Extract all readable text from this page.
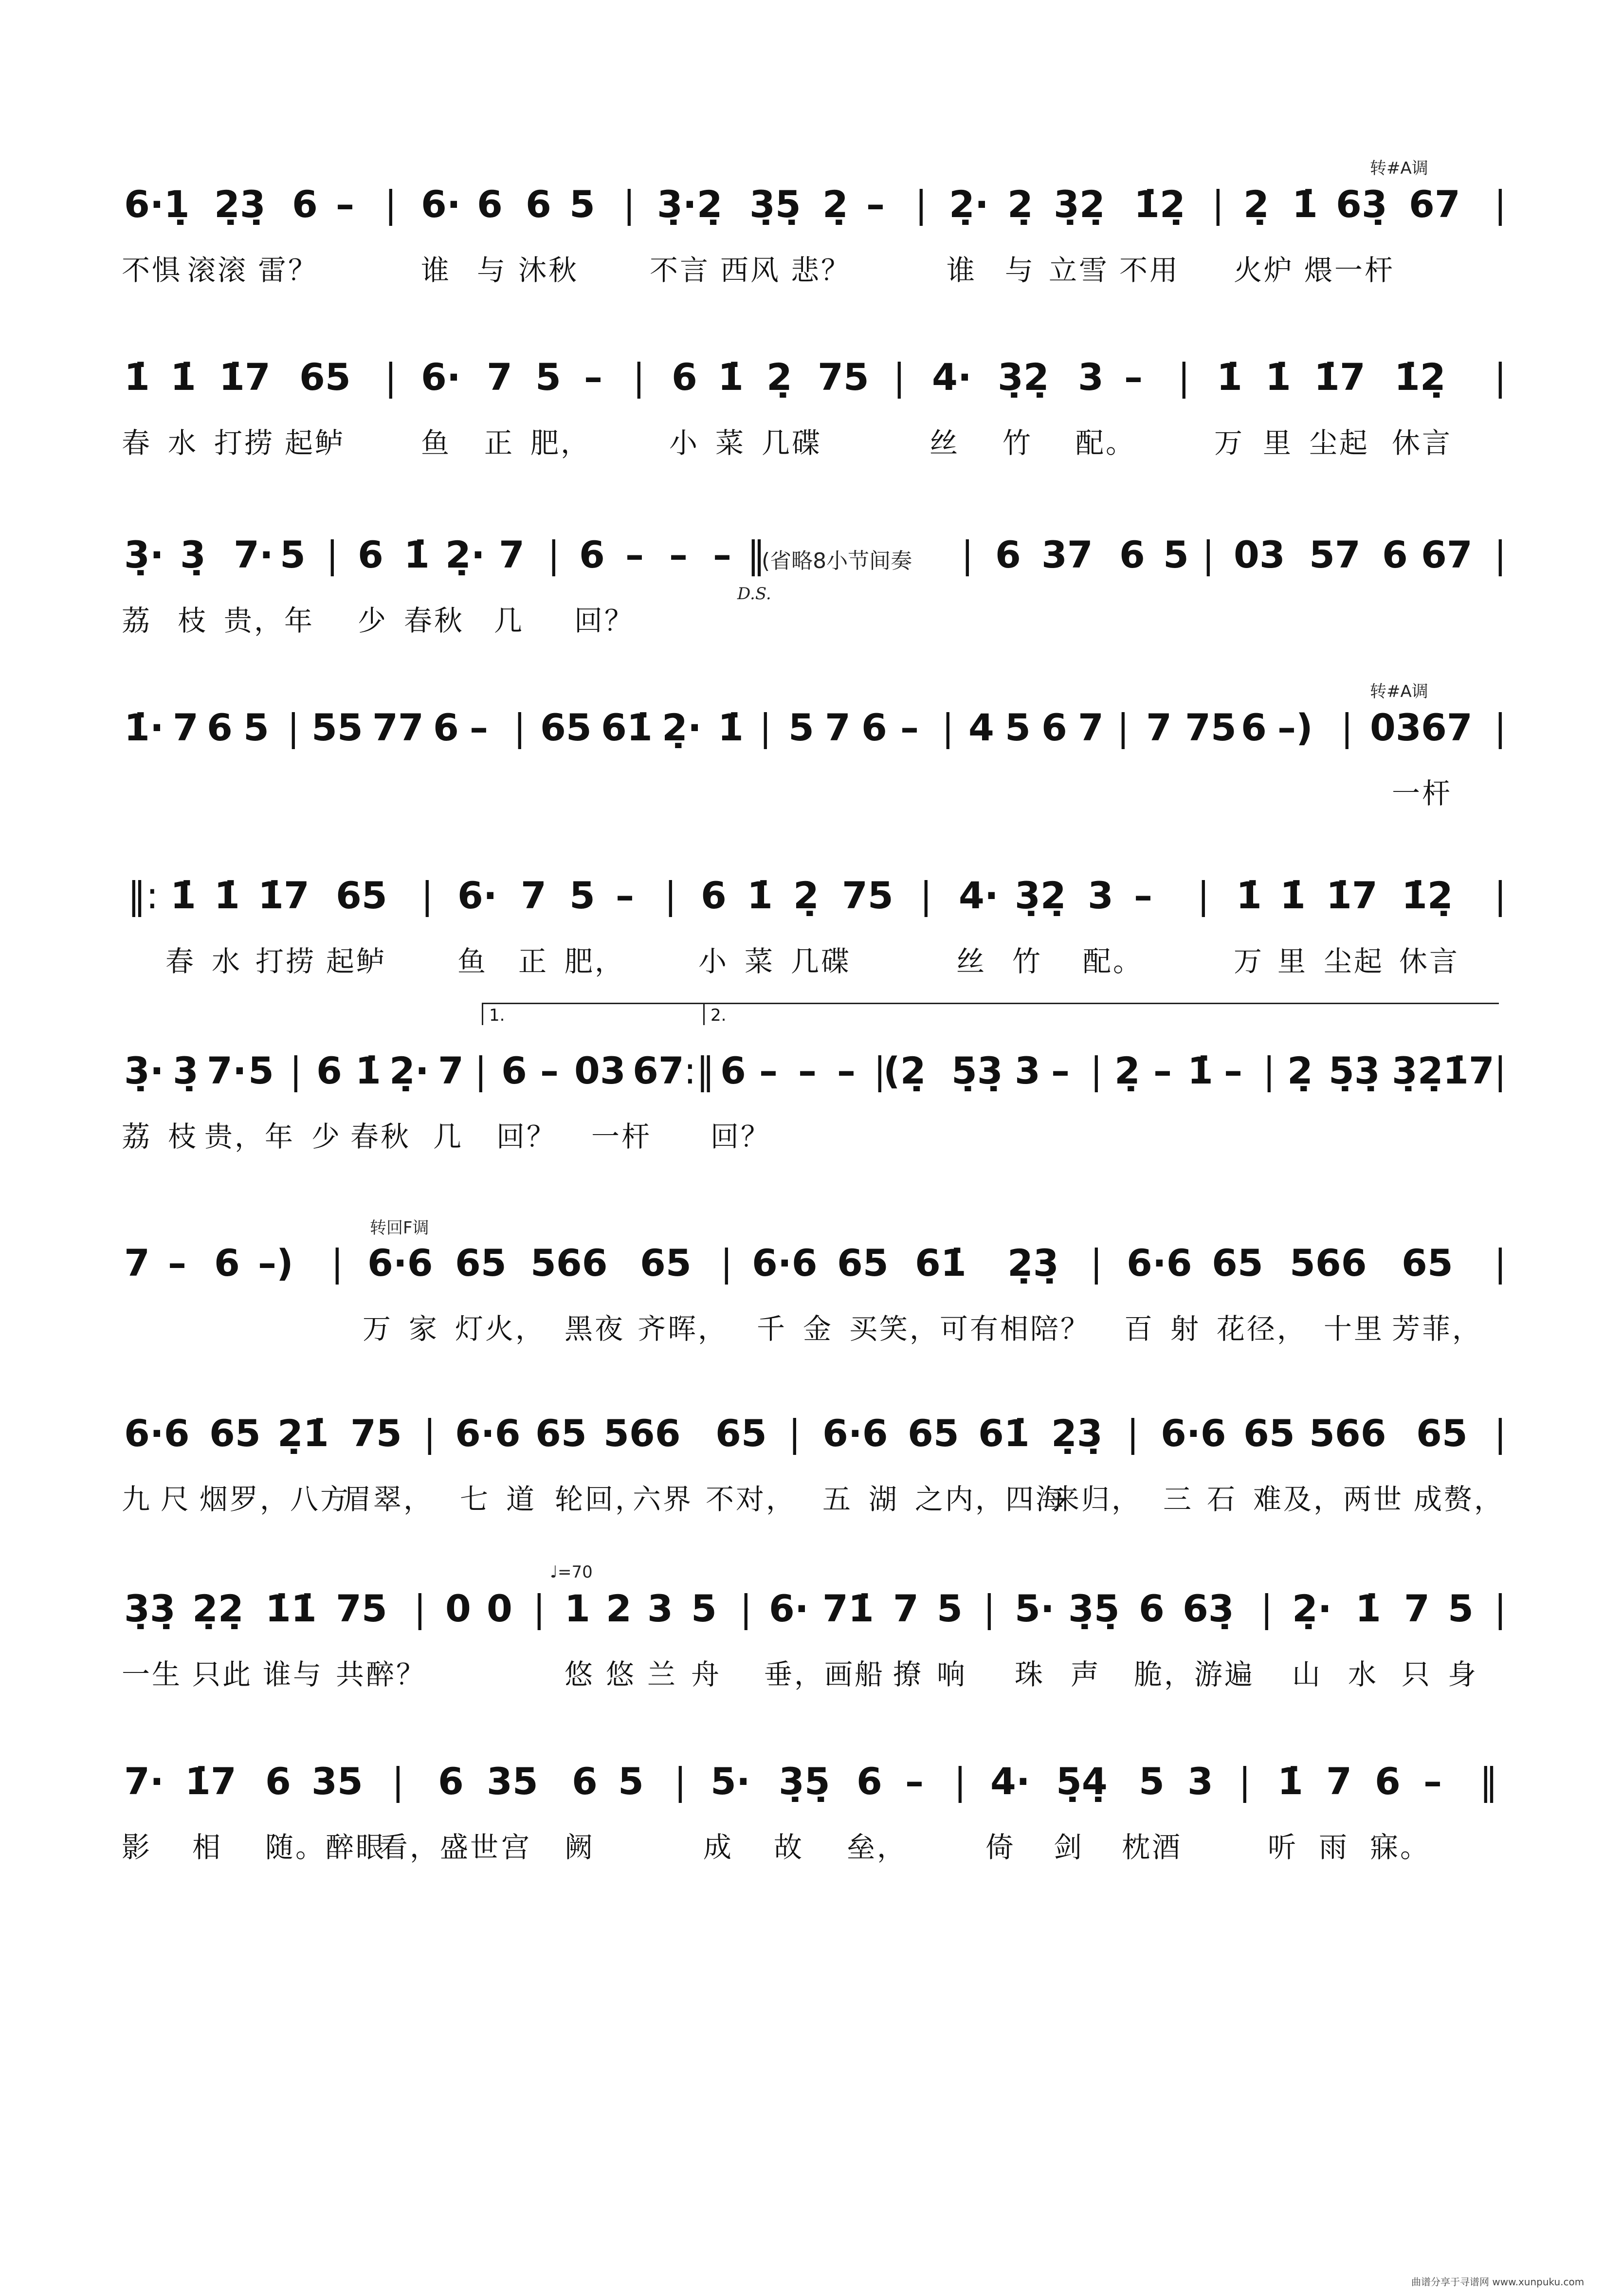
6·1̣ 2̣3̣ 6 – | 6· 6 6 5 | 3̣·2̣ 3̣5̣ 2̣ – | 2̣· 2̣ 3̣2̣ 1̇2̣ | 2̣ 1̇ 63̣ 67 |
不惧 滚滚 雷？	谁 与 沐秋	不言 西风 悲？	谁 与 立雪 不用 火炉 煨一杆
转#A调
1̇ 1̇ 1̇7 65 | 6· 7 5 – | 6 1̇ 2̣ 75 | 4· 3̣2̣ 3 – | 1̇ 1̇ 1̇7 1̇2̣ |
春 水 打捞 起鲈	鱼 正 肥，	小 菜 几碟	丝 竹 配。	万 里 尘起 休言
3̣· 3̣ 7· 5 | 6 1̇ 2̣· 7 | 6 – – – ‖
(省略8小节间奏 | 6 37 6 5 | 03 57 6 67 |
荔 枝 贵，年 少 春秋 几 回？
D.S.
1̇· 7 6 5 | 55 77 6 – | 65 61̇ 2̣· 1̇ | 5 7 6 – | 4 5 6 7 | 7 75 6 –) | 03 67 |
一杆
转#A调
‖: 1̇ 1̇ 1̇7 65 | 6· 7 5 – | 6 1̇ 2̣ 75 | 4· 3̣2̣ 3 – | 1̇ 1̇ 1̇7 1̇2̣ |
春 水 打捞 起鲈	鱼 正 肥，	小 菜 几碟	丝 竹 配。	万 里 尘起 休言
1.	2.
3̣· 3̣ 7· 5 | 6 1̇ 2̣· 7 | 6 – 03 67 :‖ 6 – – – |
(2̣ 5̣3̣ 3 – | 2̣ – 1̇ – | 2̣ 5̣3̣ 3̣2̣ 1̇7 |
荔 枝 贵，年 少 春秋 几 回？ 一杆 回？
转回F调
7 – 6 –) | 6·6 65 566 65 | 6·6 65 61̇ 2̣3̣ | 6·6 65 566 65 |
万 家 灯火， 黑夜 齐晖， 千 金 买笑，可有 相陪？ 百 射 花径， 十里 芳菲，
6·6 65 2̣1̇ 75 | 6·6 65 566 65 | 6·6 65 61̇ 2̣3̣ | 6·6 65 566 65 |
九 尺 烟罗，八方
眉翠， 七 道 轮回，
六界 不对， 五 湖 之内，四海
来归， 三 石 难及，
两世 成赘，
♩=70
3̣3̣ 2̣2̣ 1̇1̇ 75 | 0 0 | 1 2 3 5 | 6· 71̇ 7 5 | 5· 3̣5̣ 6 63̣ | 2̣· 1̇ 7 5 |
一生 只此 谁与 共醉？	悠 悠 兰 舟 垂，画船 撩 响 珠 声 脆，游遍 山 水 只 身
7· 1̇7 6 35 | 6 35 6 5 | 5· 3̣5̣ 6 – | 4· 5̣4̣ 5 3 | 1̇ 7 6 – ‖
影 相 随。醉眼
看，盛世 宫 阙	成 故 垒，	倚 剑 枕酒	听 雨 寐。
曲谱分享于寻谱网 www.xunpuku.com
